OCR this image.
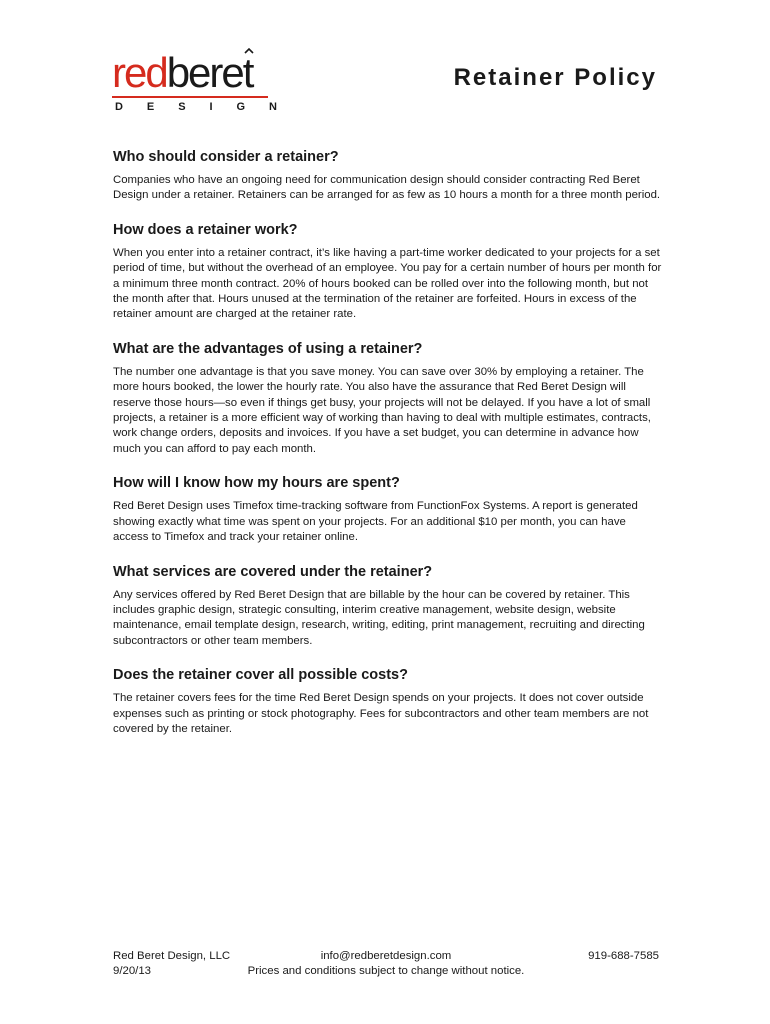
redberet
D E S I G N
Retainer Policy
Who should consider a retainer?

Companies who have an ongoing need for communication design should consider contracting Red Beret Design under a retainer. Retainers can be arranged for as few as 10 hours a month for a three month period.

How does a retainer work?

When you enter into a retainer contract, it’s like having a part-time worker dedicated to your projects for a set period of time, but without the overhead of an employee. You pay for a certain number of hours per month for a minimum three month contract. 20% of hours booked can be rolled over into the following month, but not the month after that. Hours unused at the termination of the retainer are forfeited. Hours in excess of the retainer amount are charged at the retainer rate.

What are the advantages of using a retainer?

The number one advantage is that you save money. You can save over 30% by employing a retainer. The more hours booked, the lower the hourly rate. You also have the assurance that Red Beret Design will reserve those hours—so even if things get busy, your projects will not be delayed. If you have a lot of small projects, a retainer is a more efficient way of working than having to deal with multiple estimates, contracts, work change orders, deposits and invoices. If you have a set budget, you can determine in advance how much you can afford to pay each month.

How will I know how my hours are spent?

Red Beret Design uses Timefox time-tracking software from FunctionFox Systems. A report is generated showing exactly what time was spent on your projects. For an additional $10 per month, you can have access to Timefox and track your retainer online.

What services are covered under the retainer?

Any services offered by Red Beret Design that are billable by the hour can be covered by retainer. This includes graphic design, strategic consulting, interim creative management, website design, website maintenance, email template design, research, writing, editing, print management, recruiting and directing subcontractors or other team members.

Does the retainer cover all possible costs?

The retainer covers fees for the time Red Beret Design spends on your projects. It does not cover outside expenses such as printing or stock photography. Fees for subcontractors and other team members are not covered by the retainer.

Red Beret Design, LLC
9/20/13
info@redberetdesign.com
Prices and conditions subject to change without notice.
919-688-7585
